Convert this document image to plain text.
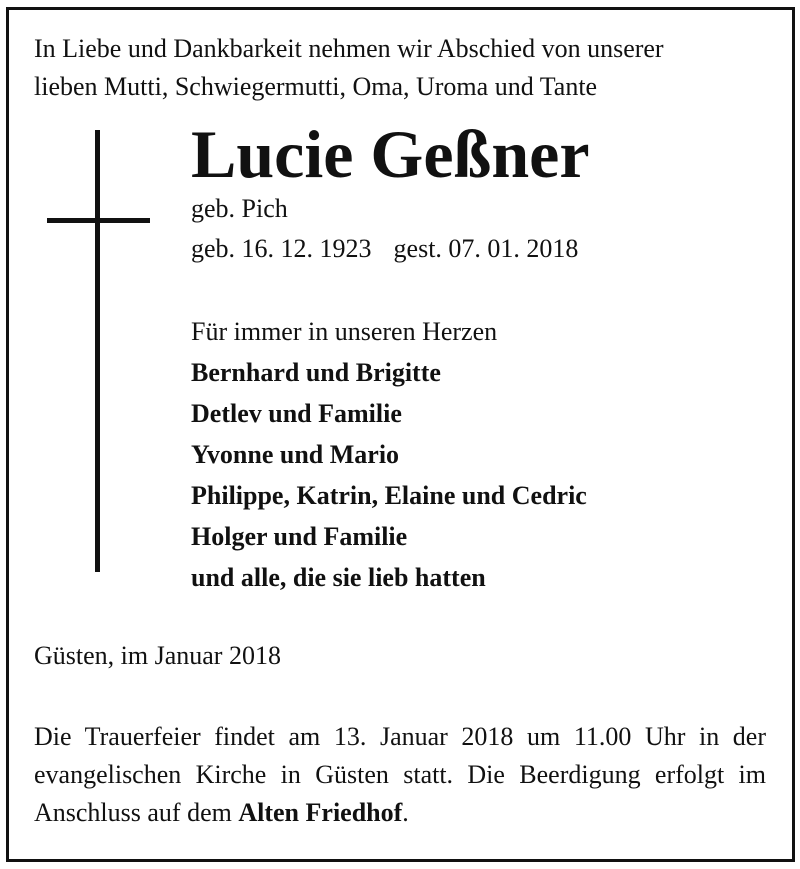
In Liebe und Dankbarkeit nehmen wir Abschied von unserer
lieben Mutti, Schwiegermutti, Oma, Uroma und Tante

Lucie Geßner
geb. Pich
geb. 16. 12. 1923 gest. 07. 01. 2018
Für immer in unseren Herzen
Bernhard und Brigitte
Detlev und Familie
Yvonne und Mario
Philippe, Katrin, Elaine und Cedric
Holger und Familie
und alle, die sie lieb hatten
Güsten, im Januar 2018

Die Trauerfeier findet am 13. Januar 2018 um 11.00 Uhr in der evangelischen Kirche in Güsten statt. Die Beerdigung erfolgt im Anschluss auf dem Alten Friedhof.
